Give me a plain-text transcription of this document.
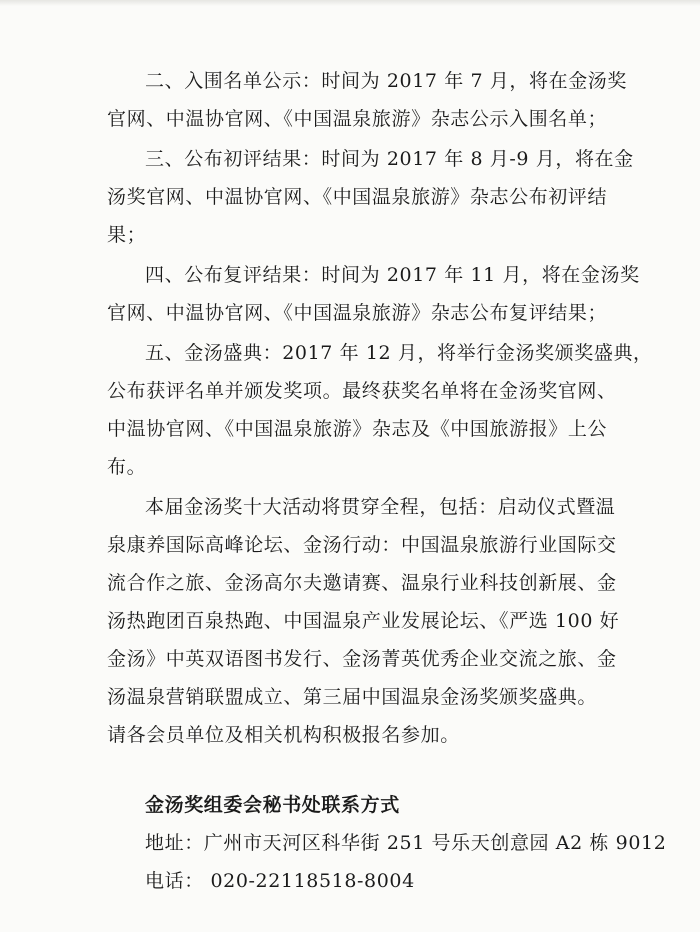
二、入围名单公示：时间为 2017 年 7 月，将在金汤奖
官网、中温协官网、《中国温泉旅游》杂志公示入围名单；
三、公布初评结果：时间为 2017 年 8 月-9 月，将在金
汤奖官网、中温协官网、《中国温泉旅游》杂志公布初评结
果；
四、公布复评结果：时间为 2017 年 11 月，将在金汤奖
官网、中温协官网、《中国温泉旅游》杂志公布复评结果；
五、金汤盛典：2017 年 12 月，将举行金汤奖颁奖盛典，
公布获评名单并颁发奖项。最终获奖名单将在金汤奖官网、
中温协官网、《中国温泉旅游》杂志及《中国旅游报》上公
布。
本届金汤奖十大活动将贯穿全程，包括：启动仪式暨温
泉康养国际高峰论坛、金汤行动：中国温泉旅游行业国际交
流合作之旅、金汤高尔夫邀请赛、温泉行业科技创新展、金
汤热跑团百泉热跑、中国温泉产业发展论坛、《严选 100 好
金汤》中英双语图书发行、金汤菁英优秀企业交流之旅、金
汤温泉营销联盟成立、第三届中国温泉金汤奖颁奖盛典。
请各会员单位及相关机构积极报名参加。
金汤奖组委会秘书处联系方式
地址：广州市天河区科华街 251 号乐天创意园 A2 栋 9012
电话： 020-22118518-8004
